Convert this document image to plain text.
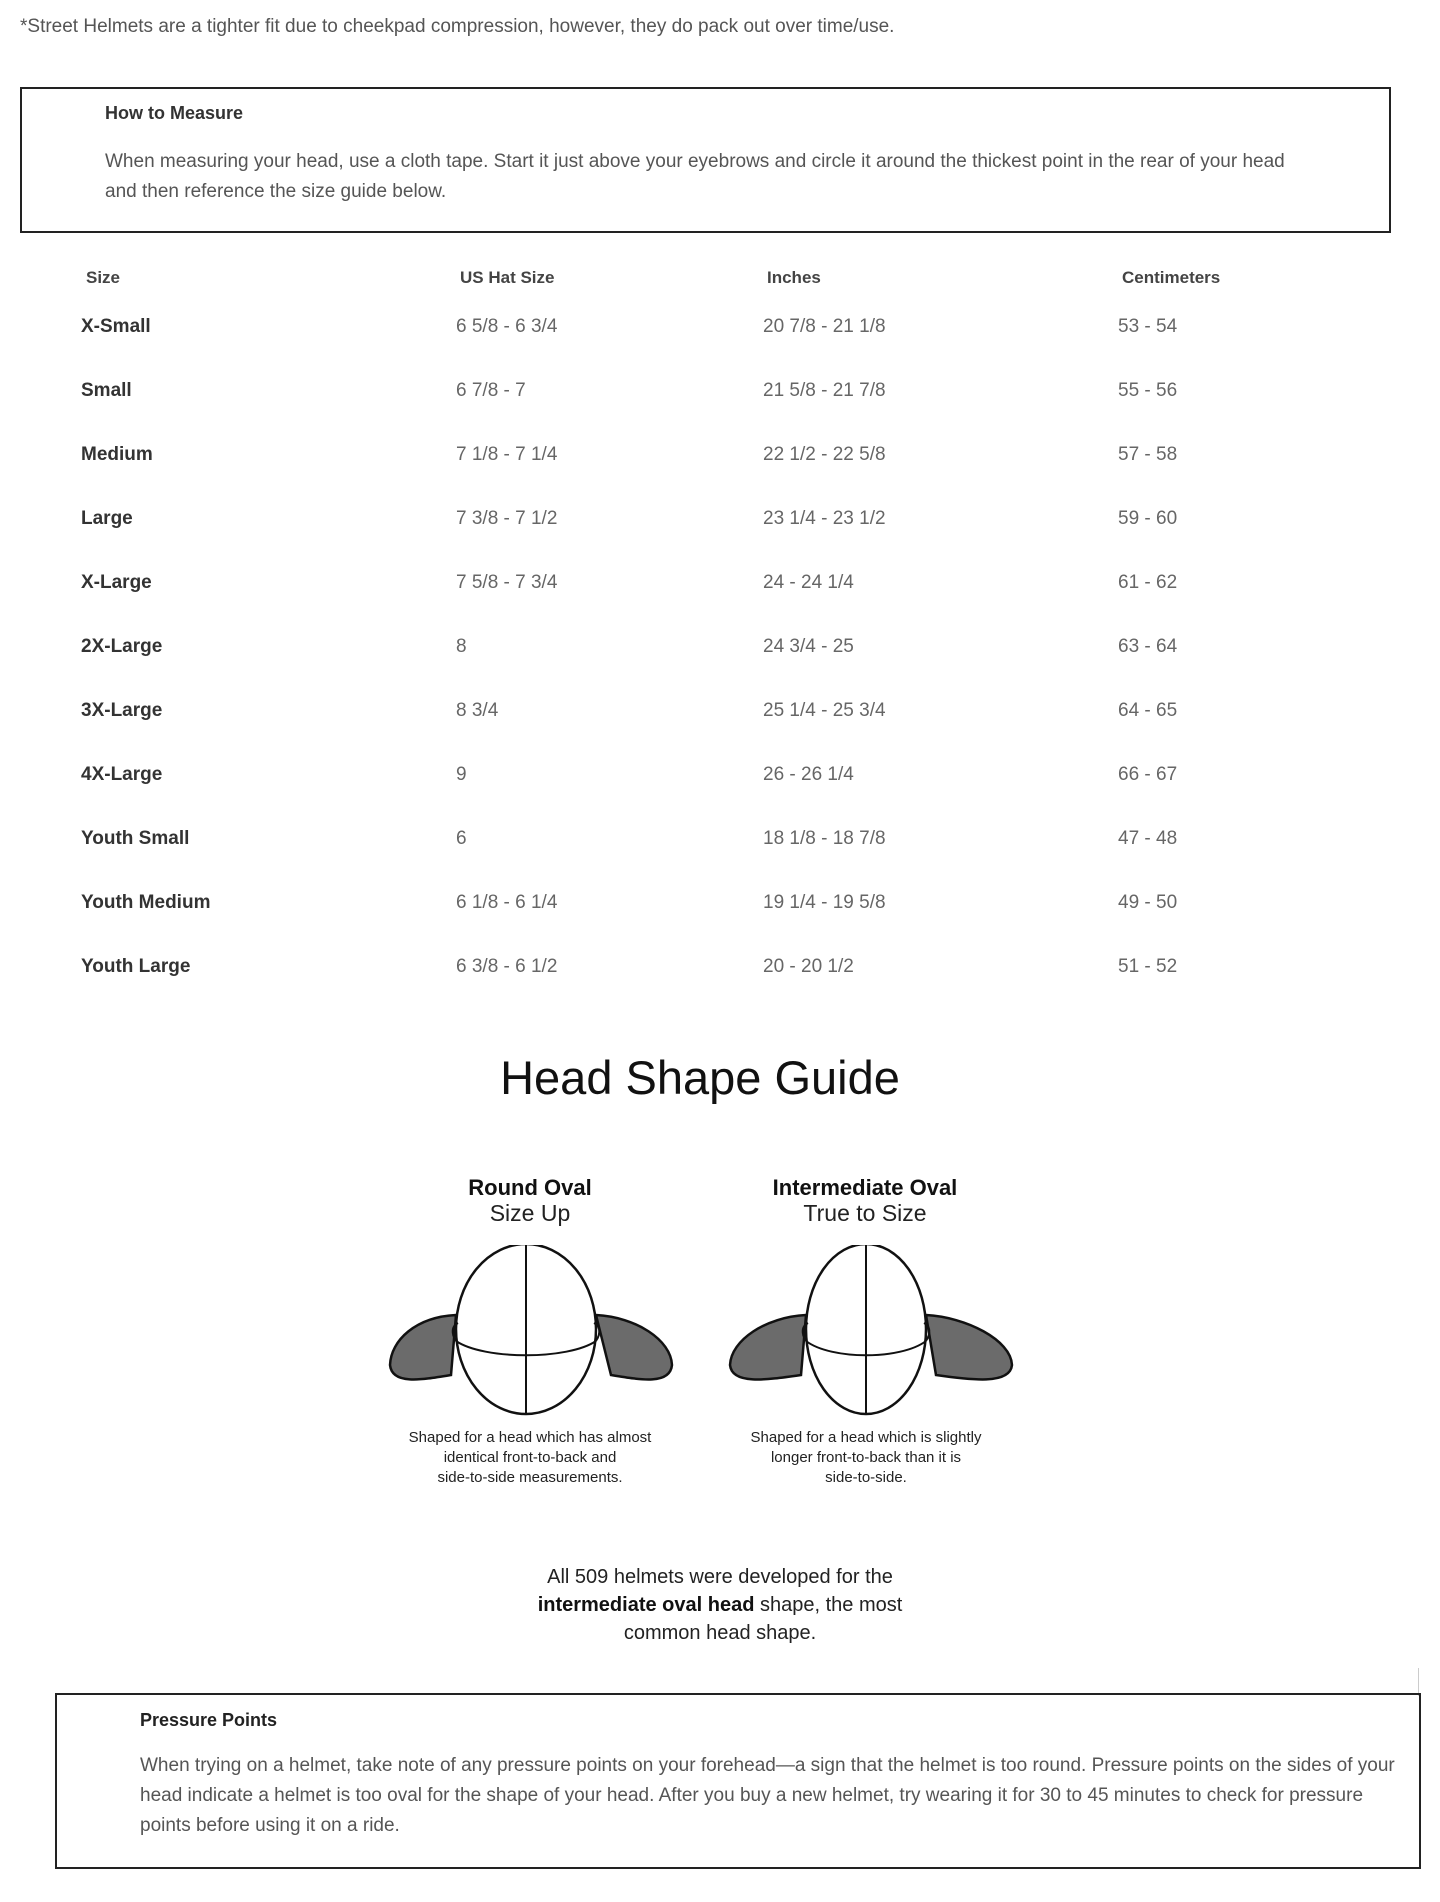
*Street Helmets are a tighter fit due to cheekpad compression, however, they do pack out over time/use.
How to Measure

When measuring your head, use a cloth tape. Start it just above your eyebrows and circle it around the thickest point in the rear of your head and then reference the size guide below.

Size	US Hat Size	Inches	Centimeters
X-Small	6 5/8 - 6 3/4	20 7/8 - 21 1/8	53 - 54
Small	6 7/8 - 7	21 5/8 - 21 7/8	55 - 56
Medium	7 1/8 - 7 1/4	22 1/2 - 22 5/8	57 - 58
Large	7 3/8 - 7 1/2	23 1/4 - 23 1/2	59 - 60
X-Large	7 5/8 - 7 3/4	24 - 24 1/4	61 - 62
2X-Large	8	24 3/4 - 25	63 - 64
3X-Large	8 3/4	25 1/4 - 25 3/4	64 - 65
4X-Large	9	26 - 26 1/4	66 - 67
Youth Small	6	18 1/8 - 18 7/8	47 - 48
Youth Medium	6 1/8 - 6 1/4	19 1/4 - 19 5/8	49 - 50
Youth Large	6 3/8 - 6 1/2	20 - 20 1/2	51 - 52
Head Shape Guide
Round Oval
Size Up
Shaped for a head which has almost
identical front-to-back and
side-to-side measurements.
Intermediate Oval
True to Size
Shaped for a head which is slightly
longer front-to-back than it is
side-to-side.
All 509 helmets were developed for the
intermediate oval head shape, the most
common head shape.
Pressure Points

When trying on a helmet, take note of any pressure points on your forehead—a sign that the helmet is too round. Pressure points on the sides of your head indicate a helmet is too oval for the shape of your head. After you buy a new helmet, try wearing it for 30 to 45 minutes to check for pressure points before using it on a ride.
